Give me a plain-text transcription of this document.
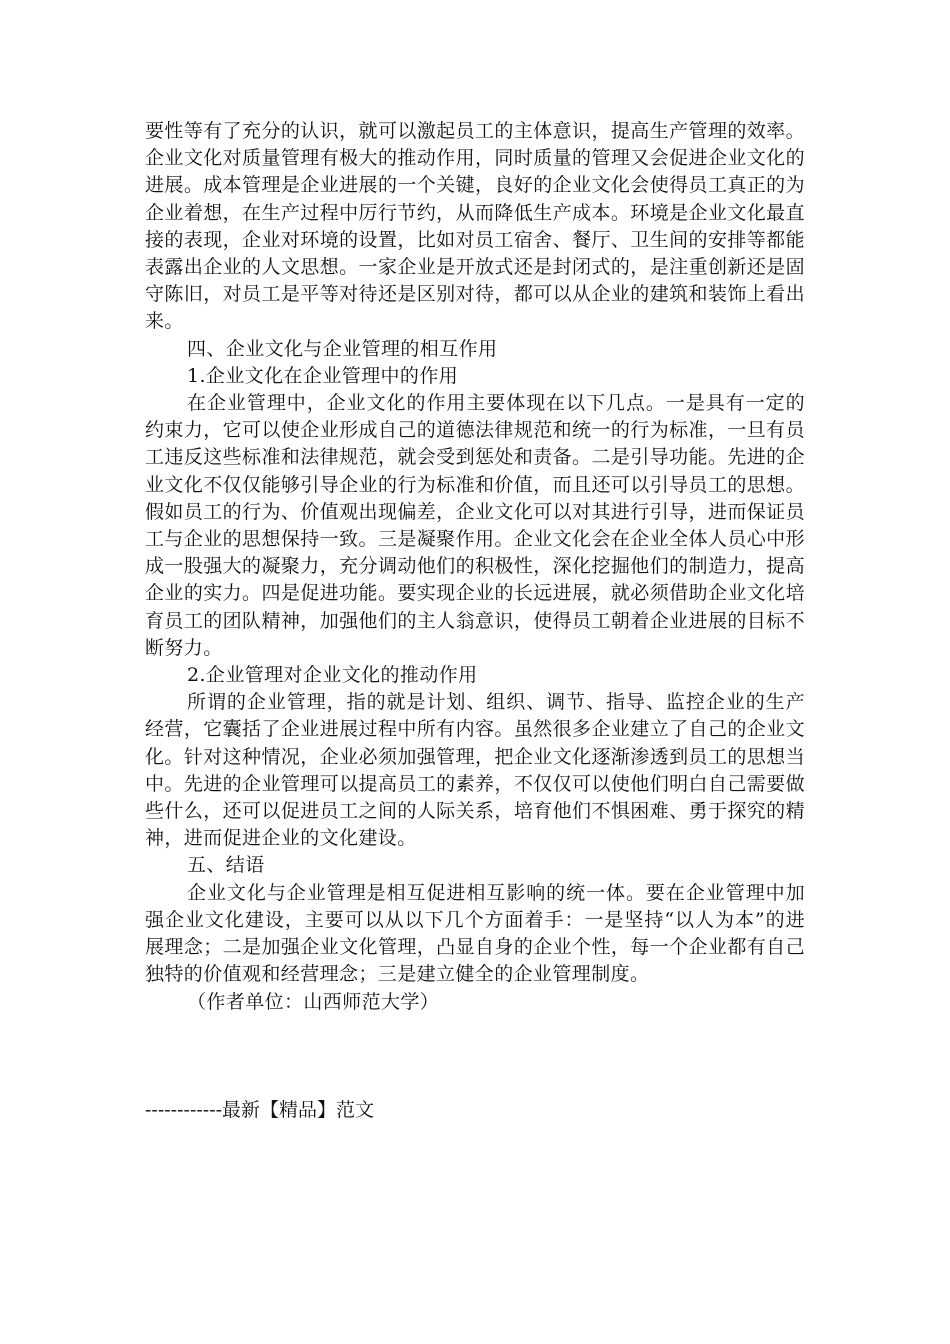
要性等有了充分的认识，就可以激起员工的主体意识，提高生产管理的效率。企业文化对质量管理有极大的推动作用，同时质量的管理又会促进企业文化的进展。成本管理是企业进展的一个关键，良好的企业文化会使得员工真正的为企业着想，在生产过程中厉行节约，从而降低生产成本。环境是企业文化最直接的表现，企业对环境的设置，比如对员工宿舍、餐厅、卫生间的安排等都能表露出企业的人文思想。一家企业是开放式还是封闭式的，是注重创新还是固守陈旧，对员工是平等对待还是区别对待，都可以从企业的建筑和装饰上看出来。

四、企业文化与企业管理的相互作用

1.企业文化在企业管理中的作用

在企业管理中，企业文化的作用主要体现在以下几点。一是具有一定的约束力，它可以使企业形成自己的道德法律规范和统一的行为标准，一旦有员工违反这些标准和法律规范，就会受到惩处和责备。二是引导功能。先进的企业文化不仅仅能够引导企业的行为标准和价值，而且还可以引导员工的思想。假如员工的行为、价值观出现偏差，企业文化可以对其进行引导，进而保证员工与企业的思想保持一致。三是凝聚作用。企业文化会在企业全体人员心中形成一股强大的凝聚力，充分调动他们的积极性，深化挖掘他们的制造力，提高企业的实力。四是促进功能。要实现企业的长远进展，就必须借助企业文化培育员工的团队精神，加强他们的主人翁意识，使得员工朝着企业进展的目标不断努力。

2.企业管理对企业文化的推动作用

所谓的企业管理，指的就是计划、组织、调节、指导、监控企业的生产经营，它囊括了企业进展过程中所有内容。虽然很多企业建立了自己的企业文化。针对这种情况，企业必须加强管理，把企业文化逐渐渗透到员工的思想当中。先进的企业管理可以提高员工的素养，不仅仅可以使他们明白自己需要做些什么，还可以促进员工之间的人际关系，培育他们不惧困难、勇于探究的精神，进而促进企业的文化建设。

五、结语

企业文化与企业管理是相互促进相互影响的统一体。要在企业管理中加强企业文化建设，主要可以从以下几个方面着手：一是坚持“以人为本”的进展理念；二是加强企业文化管理，凸显自身的企业个性，每一个企业都有自己独特的价值观和经营理念；三是建立健全的企业管理制度。

（作者单位：山西师范大学）

------------最新【精品】范文
